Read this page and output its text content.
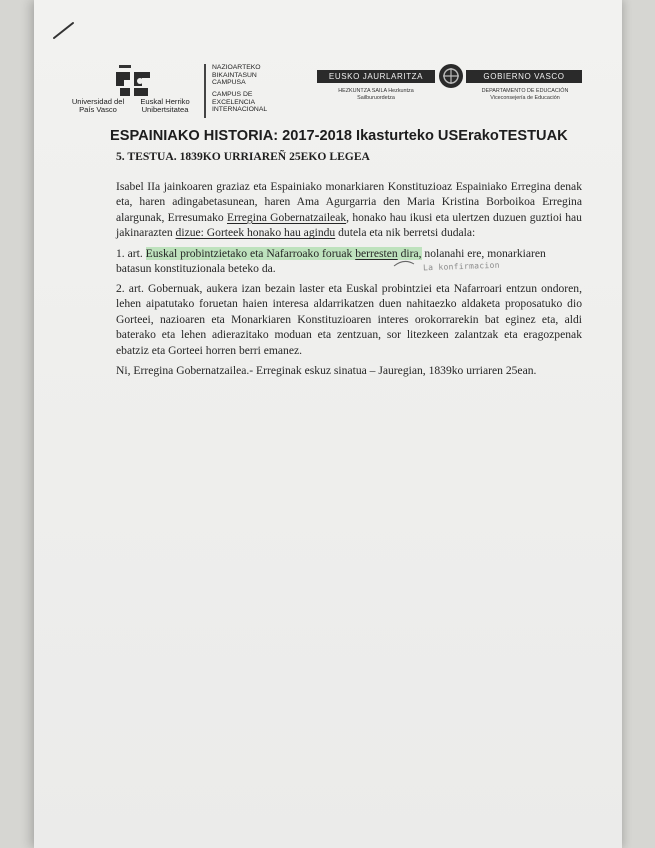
Universidad del País Vasco
Euskal Herriko Unibertsitatea
NAZIOARTEKO BIKAINTASUN CAMPUSA
CAMPUS DE EXCELENCIA INTERNACIONAL
EUSKO JAURLARITZA	GOBIERNO VASCO
HEZKUNTZA SAILA Hezkuntza Sailburuordetza
DEPARTAMENTO DE EDUCACIÓN Viceconsejería de Educación
ESPAINIAKO HISTORIA: 2017-2018 Ikasturteko USErakoTESTUAK
5. TESTUA. 1839KO URRIAREÑ 25EKO LEGEA
Isabel IIa jainkoaren graziaz eta Espainiako monarkiaren Konstituzioaz Espainiako Erregina denak eta, haren adingabetasunean, haren Ama Agurgarria den Maria Kristina Borboikoa Erregina alargunak, Erresumako Erregina Gobernatzaileak, honako hau ikusi eta ulertzen duzuen guztioi hau jakinarazten dizue: Gorteek honako hau agindu dutela eta nik berretsi dudala:
1. art. Euskal probintzietako eta Nafarroako foruak berresten dira, nolanahi ere, monarkiaren batasun konstituzionala beteko da.	La konfirmacion
2. art. Gobernuak, aukera izan bezain laster eta Euskal probintziei eta Nafarroari entzun ondoren, lehen aipatutako foruetan haien interesa aldarrikatzen duen nahitaezko aldaketa proposatuko dio Gorteei, nazioaren eta Monarkiaren Konstituzioaren interes orokorrarekin bat eginez eta, aldi baterako eta lehen adierazitako moduan eta zentzuan, sor litezkeen zalantzak eta eragozpenak ebatziz eta Gorteei horren berri emanez.
Ni, Erregina Gobernatzailea.- Erreginak eskuz sinatua – Jauregian, 1839ko urriaren 25ean.
